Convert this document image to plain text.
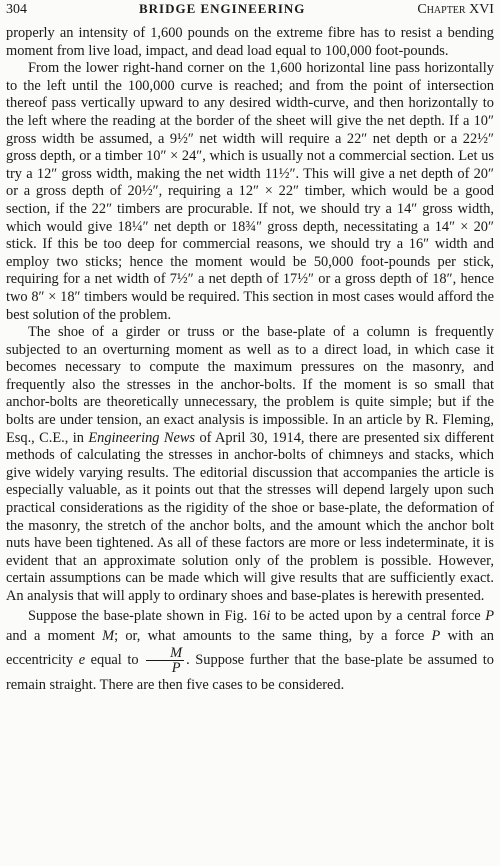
304	BRIDGE ENGINEERING	Chapter XVI

properly an intensity of 1,600 pounds on the extreme fibre has to resist a bending moment from live load, impact, and dead load equal to 100,000 foot-pounds.

From the lower right-hand corner on the 1,600 horizontal line pass horizontally to the left until the 100,000 curve is reached; and from the point of intersection thereof pass vertically upward to any desired width-curve, and then horizontally to the left where the reading at the border of the sheet will give the net depth. If a 10″ gross width be assumed, a 9½″ net width will require a 22″ net depth or a 22½″ gross depth, or a timber 10″ × 24″, which is usually not a commercial section. Let us try a 12″ gross width, making the net width 11½″. This will give a net depth of 20″ or a gross depth of 20½″, requiring a 12″ × 22″ timber, which would be a good section, if the 22″ timbers are procurable. If not, we should try a 14″ gross width, which would give 18¼″ net depth or 18¾″ gross depth, necessitating a 14″ × 20″ stick. If this be too deep for commercial reasons, we should try a 16″ width and employ two sticks; hence the moment would be 50,000 foot-pounds per stick, requiring for a net width of 7½″ a net depth of 17½″ or a gross depth of 18″, hence two 8″ × 18″ timbers would be required. This section in most cases would afford the best solution of the problem.

The shoe of a girder or truss or the base-plate of a column is frequently subjected to an overturning moment as well as to a direct load, in which case it becomes necessary to compute the maximum pressures on the masonry, and frequently also the stresses in the anchor-bolts. If the moment is so small that anchor-bolts are theoretically unnecessary, the problem is quite simple; but if the bolts are under tension, an exact analysis is impossible. In an article by R. Fleming, Esq., C.E., in Engineering News of April 30, 1914, there are presented six different methods of calculating the stresses in anchor-bolts of chimneys and stacks, which give widely varying results. The editorial discussion that accompanies the article is especially valuable, as it points out that the stresses will depend largely upon such practical considerations as the rigidity of the shoe or base-plate, the deformation of the masonry, the stretch of the anchor bolts, and the amount which the anchor bolt nuts have been tightened. As all of these factors are more or less indeterminate, it is evident that an approximate solution only of the problem is possible. However, certain assumptions can be made which will give results that are sufficiently exact. An analysis that will apply to ordinary shoes and base-plates is herewith presented.

Suppose the base-plate shown in Fig. 16i to be acted upon by a central force P and a moment M; or, what amounts to the same thing, by a force P with an eccentricity e equal to $\frac{M}{P}$ . Suppose further that the base-plate be assumed to remain straight. There are then five cases to be considered.
